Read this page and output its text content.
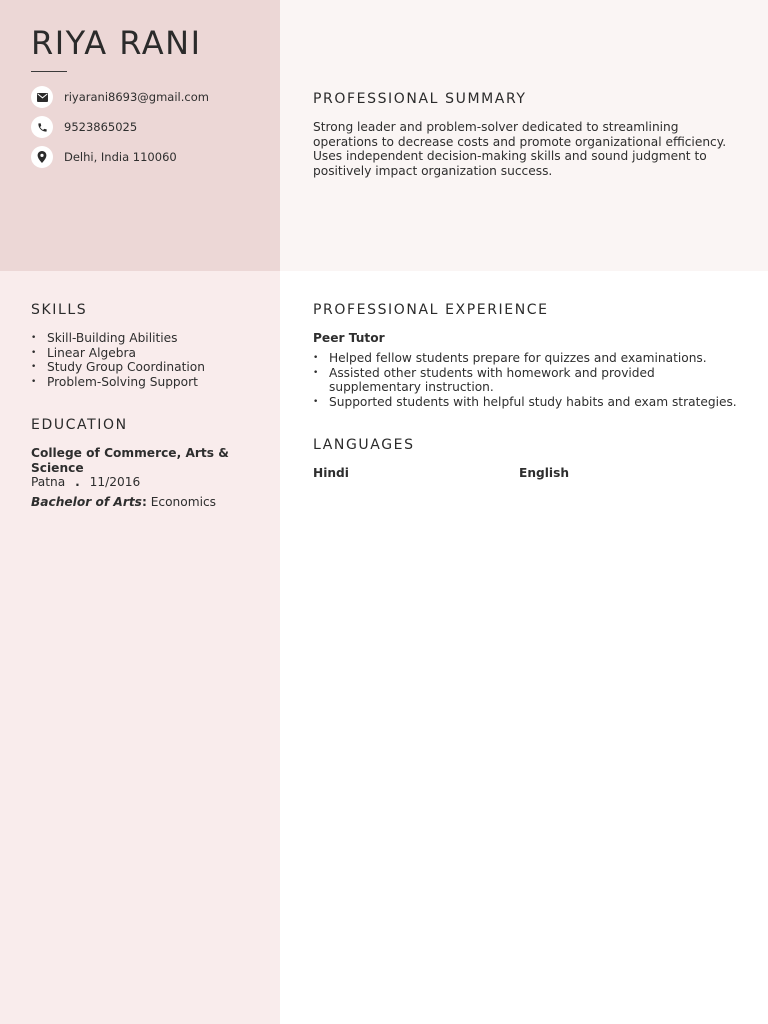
RIYA RANI
riyarani8693@gmail.com
9523865025
Delhi, India 110060
PROFESSIONAL SUMMARY
Strong leader and problem-solver dedicated to streamlining
operations to decrease costs and promote organizational efficiency.
Uses independent decision-making skills and sound judgment to
positively impact organization success.
SKILLS
• Skill-Building Abilities
• Linear Algebra
• Study Group Coordination
• Problem-Solving Support
EDUCATION
College of Commerce, Arts &
Science
Patna . 11/2016
Bachelor of Arts: Economics
PROFESSIONAL EXPERIENCE
Peer Tutor
• Helped fellow students prepare for quizzes and examinations.
• Assisted other students with homework and provided
supplementary instruction.
• Supported students with helpful study habits and exam strategies.
LANGUAGES
Hindi	English
